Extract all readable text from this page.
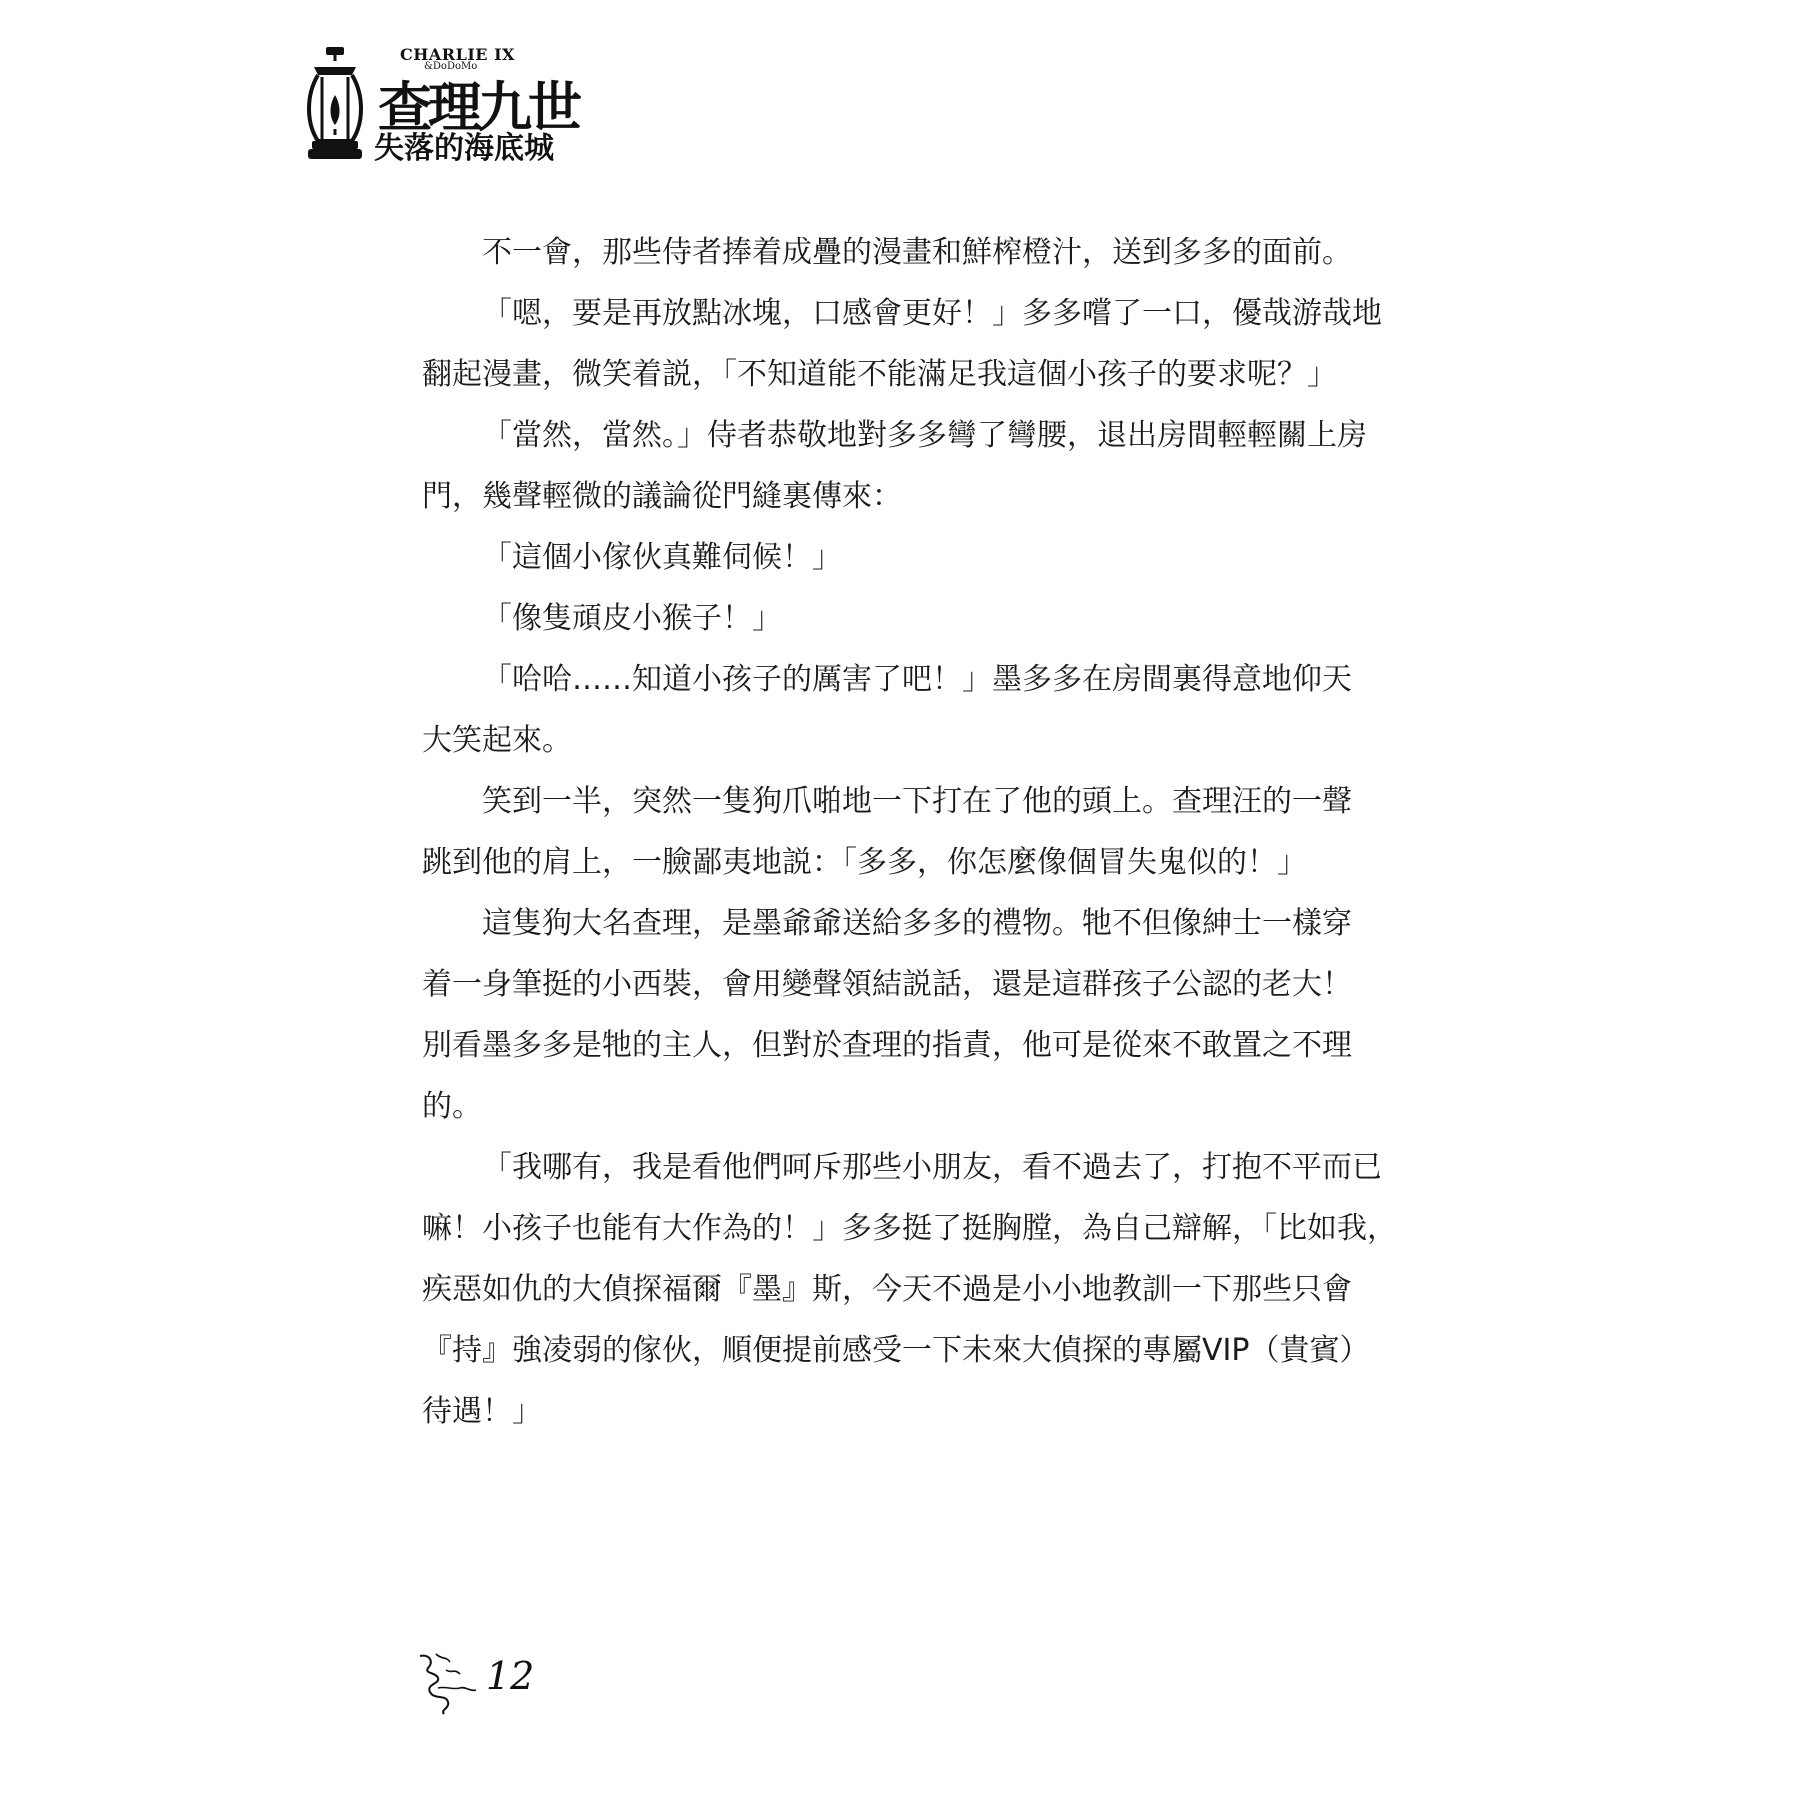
CHARLIE IX
&DoDoMo
查理九世
失落的海底城
不一會，那些侍者捧着成疊的漫畫和鮮榨橙汁，送到多多的面前。
「嗯，要是再放點冰塊，口感會更好！」多多嚐了一口，優哉游哉地
翻起漫畫，微笑着説，「不知道能不能滿足我這個小孩子的要求呢？」
「當然，當然。」侍者恭敬地對多多彎了彎腰，退出房間輕輕關上房
門，幾聲輕微的議論從門縫裏傳來：
「這個小傢伙真難伺候！」
「像隻頑皮小猴子！」
「哈哈……知道小孩子的厲害了吧！」墨多多在房間裏得意地仰天
大笑起來。
笑到一半，突然一隻狗爪啪地一下打在了他的頭上。查理汪的一聲
跳到他的肩上，一臉鄙夷地説：「多多，你怎麼像個冒失鬼似的！」
這隻狗大名查理，是墨爺爺送給多多的禮物。牠不但像紳士一樣穿
着一身筆挺的小西裝，會用變聲領結説話，還是這群孩子公認的老大！
別看墨多多是牠的主人，但對於查理的指責，他可是從來不敢置之不理
的。
「我哪有，我是看他們呵斥那些小朋友，看不過去了，打抱不平而已
嘛！小孩子也能有大作為的！」多多挺了挺胸膛，為自己辯解，「比如我，
疾惡如仇的大偵探福爾『墨』斯，今天不過是小小地教訓一下那些只會
『持』強凌弱的傢伙，順便提前感受一下未來大偵探的專屬VIP（貴賓）
待遇！」
12
